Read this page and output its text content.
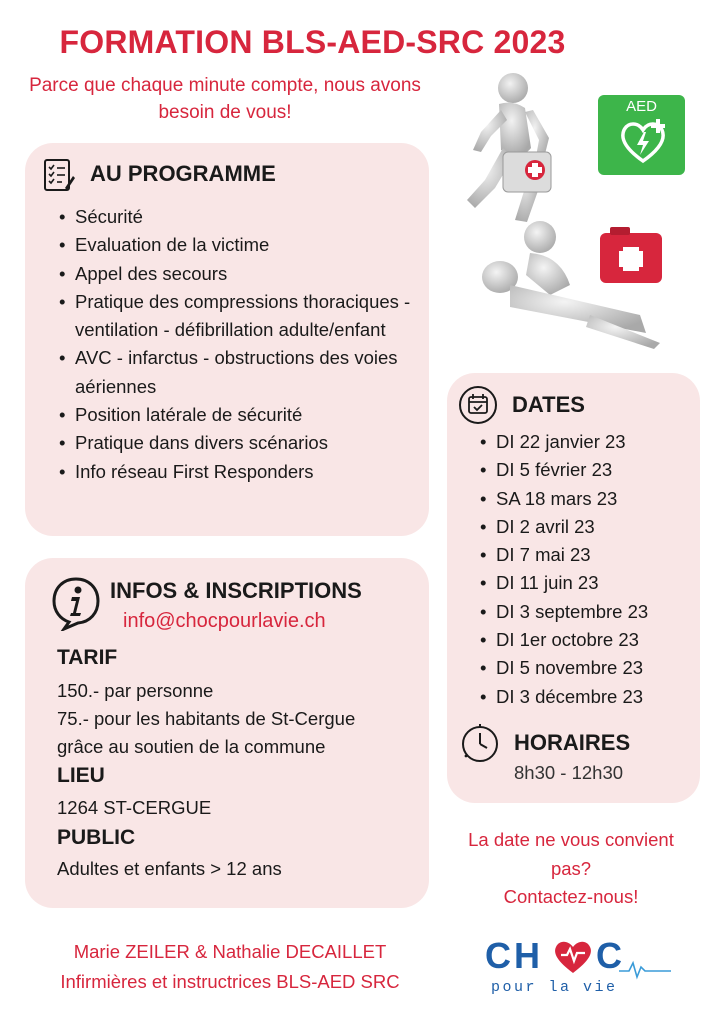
FORMATION BLS-AED-SRC 2023
Parce que chaque minute compte, nous avons besoin de vous!	AED
AU PROGRAMME
• Sécurité
• Evaluation de la victime
• Appel des secours
• Pratique des compressions thoraciques - ventilation - défibrillation adulte/enfant
• AVC - infarctus - obstructions des voies aériennes
• Position latérale de sécurité
• Pratique dans divers scénarios
• Info réseau First Responders
DATES
• DI 22 janvier 23
• DI 5 février 23
• SA 18 mars 23
• DI 2 avril 23
• DI 7 mai 23
• DI 11 juin 23
• DI 3 septembre 23
• DI 1er octobre 23
• DI 5 novembre 23
• DI 3 décembre 23
HORAIRES
8h30 - 12h30
INFOS & INSCRIPTIONS
info@chocpourlavie.ch
TARIF
150.- par personne
75.- pour les habitants de St-Cergue
grâce au soutien de la commune
LIEU
1264 ST-CERGUE
PUBLIC
Adultes et enfants > 12 ans
La date ne vous convient
pas?
Contactez-nous!
Marie ZEILER & Nathalie DECAILLET
Infirmières et instructrices BLS-AED SRC
CH C
pour la vie
